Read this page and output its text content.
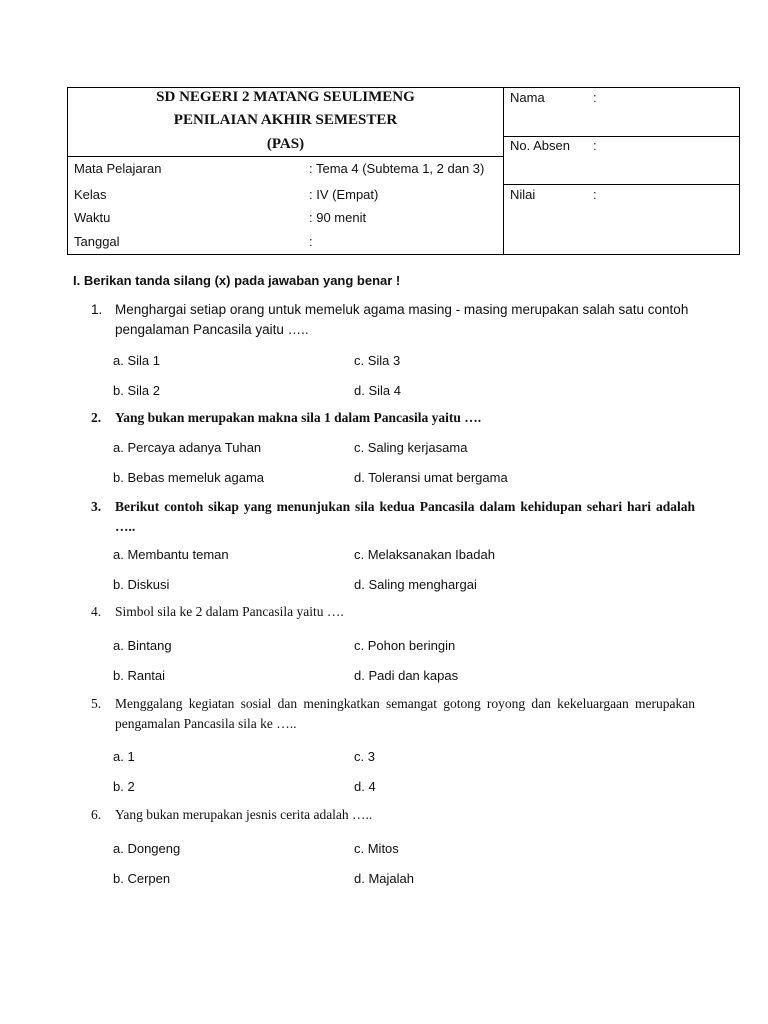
SD NEGERI 2 MATANG SEULIMENG
PENILAIAN AKHIR SEMESTER
(PAS)
Mata Pelajaran	: Tema 4 (Subtema 1, 2 dan 3)
Kelas	: IV (Empat)
Waktu	: 90 menit
Tanggal	:
Nama	:
No. Absen :
Nilai	:
I. Berikan tanda silang (x) pada jawaban yang benar !
1. Menghargai setiap orang untuk memeluk agama masing - masing merupakan salah satu contoh pengalaman Pancasila yaitu …..
a. Sila 1	c. Sila 3
b. Sila 2	d. Sila 4
2. Yang bukan merupakan makna sila 1 dalam Pancasila yaitu ….
a. Percaya adanya Tuhan	c. Saling kerjasama
b. Bebas memeluk agama	d. Toleransi umat bergama
3. Berikut contoh sikap yang menunjukan sila kedua Pancasila dalam kehidupan sehari hari adalah …..
a. Membantu teman	c. Melaksanakan Ibadah
b. Diskusi	d. Saling menghargai
4. Simbol sila ke 2 dalam Pancasila yaitu ….
a. Bintang	c. Pohon beringin
b. Rantai	d. Padi dan kapas
5. Menggalang kegiatan sosial dan meningkatkan semangat gotong royong dan kekeluargaan merupakan pengamalan Pancasila sila ke …..
a. 1	c. 3
b. 2	d. 4
6. Yang bukan merupakan jesnis cerita adalah …..
a. Dongeng	c. Mitos
b. Cerpen	d. Majalah
